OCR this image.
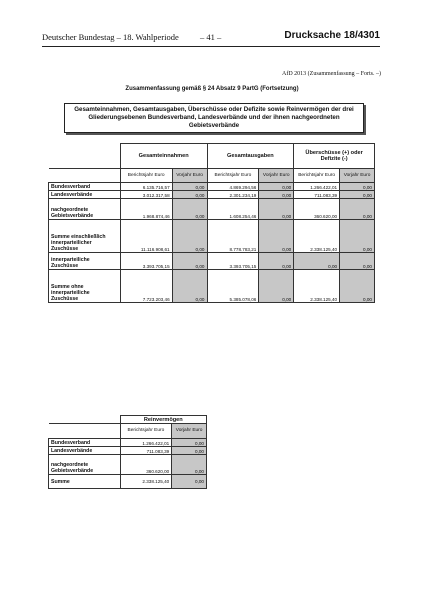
Deutscher Bundestag – 18. Wahlperiode – 41 –	Drucksache 18/4301
AfD 2013 (Zusammenfassung – Forts. –)
Zusammenfassung gemäß § 24 Absatz 9 PartG (Fortsetzung)
Gesamteinnahmen, Gesamtausgaben, Überschüsse oder Defizite sowie Reinvermögen der drei Gliederungsebenen Bundesverband, Landesverbände und der ihnen nachgeordneten Gebietsverbände
	Gesamteinnahmen		Gesamtausgaben		Überschüsse (+) oder Defizite (-)	
	Berichtsjahr Euro	Vorjahr Euro	Berichtsjahr Euro	Vorjahr Euro	Berichtsjahr Euro	Vorjahr Euro
Bundesverband	6.135.716,57	0,00	4.869.294,56	0,00	1.266.422,01	0,00
Landesverbände	3.012.317,58	0,00	2.301.234,19	0,00	711.083,39	0,00
nachgeordnete Gebietsverbände	1.968.874,46	0,00	1.608.254,46	0,00	360.620,00	0,00
Summe einschließlich innerparteilicher Zuschüsse	11.116.908,61	0,00	8.778.783,21	0,00	2.338.125,40	0,00
innerparteiliche Zuschüsse	3.393.705,15	0,00	3.393.705,15	0,00	0,00	0,00
Summe ohne innerparteiliche Zuschüsse	7.723.203,46	0,00	5.385.078,06	0,00	2.338.125,40	0,00
	Reinvermögen	
	Berichtsjahr Euro	Vorjahr Euro
Bundesverband	1.266.422,01	0,00
Landesverbände	711.083,39	0,00
nachgeordnete Gebietsverbände	360.620,00	0,00
Summe	2.338.125,40	0,00
